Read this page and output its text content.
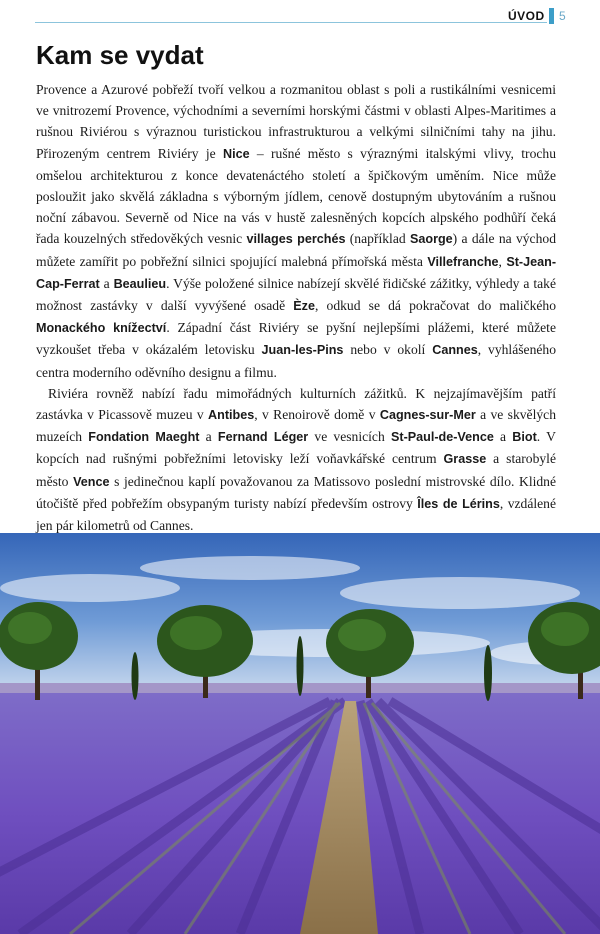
ÚVOD 5
Kam se vydat

Provence a Azurové pobřeží tvoří velkou a rozmanitou oblast s poli a rustikálními vesnicemi ve vnitrozemí Provence, východními a severními horskými částmi v oblasti Alpes-Maritimes a rušnou Riviérou s výraznou turistickou infrastrukturou a velkými silničními tahy na jihu. Přirozeným centrem Riviéry je Nice – rušné město s výraznými italskými vlivy, trochu omšelou architekturou z konce devatenáctého století a špičkovým uměním. Nice může posloužit jako skvělá základna s výborným jídlem, cenově dostupným ubytováním a rušnou noční zábavou. Severně od Nice na vás v hustě zalesněných kopcích alpského podhůří čeká řada kouzelných středověkých vesnic villages perchés (například Saorge) a dále na východ můžete zamířit po pobřežní silnici spojující malebná přímořská města Villefranche, St-Jean-Cap-Ferrat a Beaulieu. Výše položené silnice nabízejí skvělé řidičské zážitky, výhledy a také možnost zastávky v další vyvýšené osadě Èze, odkud se dá pokračovat do maličkého Monackého knížectví. Západní část Riviéry se pyšní nejlepšími plážemi, které můžete vyzkoušet třeba v okázalém letovisku Juan-les-Pins nebo v okolí Cannes, vyhlášeného centra moderního oděvního designu a filmu.

Riviéra rovněž nabízí řadu mimořádných kulturních zážitků. K nejzajímavějším patří zastávka v Picassově muzeu v Antibes, v Renoirově domě v Cagnes-sur-Mer a ve skvělých muzeích Fondation Maeght a Fernand Léger ve vesnicích St-Paul-de-Vence a Biot. V kopcích nad rušnými pobřežními letovisky leží voňavkářské centrum Grasse a starobylé město Vence s jedinečnou kaplí považovanou za Matissovo poslední mistrovské dílo. Klidné útočiště před pobřežím obsypaným turisty nabízí především ostrovy Îles de Lérins, vzdálené jen pár kilometrů od Cannes.
